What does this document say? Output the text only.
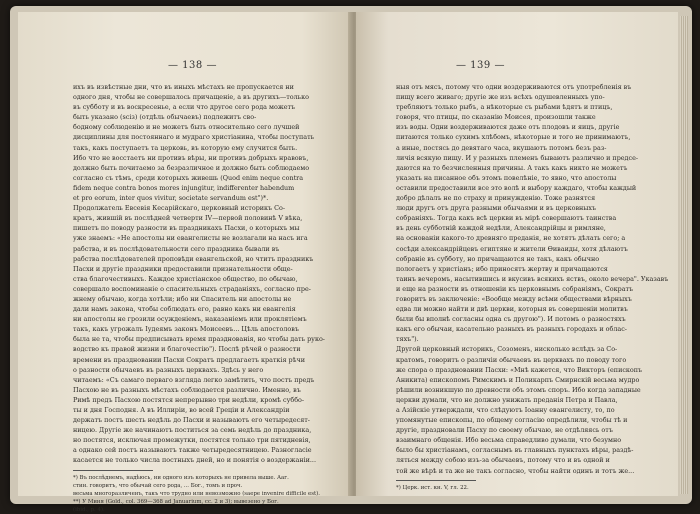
— 138 —
ихъ въ извѣстные дни, что въ иныхъ мѣстахъ не пропускается ни
одного дня, чтобы не совершалось причащеніе, а въ другихъ—только
въ субботу и въ воскресенье, а если что другое сего рода можетъ
быть указано (ѕсіз) (отдѣль обычаевъ) подлежитъ сво-
бодному соблюденію и не можетъ быть относительно сего лучшей
дисциплины для постояннаго и мудраго христіанина, чтобы поступать
такъ, какъ поступаетъ та церковь, въ которую ему случится быть.
Ибо что не восстаетъ ни противъ вѣры, ни противъ добрыхъ нравовъ,
должно быть почитаемо за безразличное и должно быть соблюдаемо
согласно съ тѣмъ, среди которыхъ живешь (Quod enim neque contra
fidem neque contra bonos mores injungitur, indifferenter habendum
et pro eorum, inter quos vivitur, societate servandum est")*.
Продолжатель Евсевія Кесарійскаго, церковный историкъ Со-
кратъ, жившій въ послѣдней четверти IV—первой половинѣ V вѣка,
пишетъ по поводу разности въ праздникахъ Пасхи, о которыхъ мы
уже знаемъ: «Не апостолы ни евангелисты не возлагали на насъ ига
рабства, и въ послѣдовательности сего праздника бывали въ
рабства послѣдователей проповѣди евангельской, но чтитъ праздникъ
Пасхи и другіе праздники предоставили признательности обще-
ства благочестивыхъ. Каждое христіанское общество, по обычаю,
совершало воспоминаніе о спасительныхъ страданіяхъ, согласно пре-
жнему обычаю, когда хотѣли; ибо ни Спаситель ни апостолы не
дали намъ закона, чтобы соблюдать его, равно какъ ни евангелія
ни апостолы не грозили осужденіемъ, наказаніемъ или проклятіемъ
такъ, какъ угрожалъ Іудеямъ законъ Моисеевъ... Цѣль апостоловъ
была не та, чтобы предписывать время празднованія, но чтобы дать руко-
водство къ правой жизни и благочестію"). Послѣ рѣчей о разности
времени въ праздновании Пасхи Сократъ предлагаетъ краткія рѣчи
о разности обычаевъ въ разныхъ церквахъ. Здѣсь у него
читаемъ: «Съ самаго перваго взгляда легко замѣтить, что постъ предъ
Пасхою не въ разныхъ мѣстахъ соблюдается различно. Именно, въ
Римѣ предъ Пасхою постятся непрерывно три недѣли, кромѣ суббо-
ты и дня Господня. А въ Иллиріи, во всей Греціи и Александріи
держатъ постъ шесть недѣль до Пасхи и называютъ его четыредесят-
ницею. Другіе же начинаютъ поститься за семь недѣль до праздника,
но постятся, исключая промежутки, постятся только три пятидневія,
а однако сей постъ называютъ также четыредесятницею. Разногласіе
касается не только числа постныхъ дней, но и понятія о воздержаніи...
*) Въ послѣднемъ, надѣюсь, ни одного изъ которыхъ не привела выше. Ааг.
стин. говоритъ, что обычай сего рода, ... Бог., томъ и проч.
весьма многоразличенъ, такъ что трудно или невозможно (saepe invenire difficile est).
**) У Миня (Gold., col. 369—368 ad Januarium, сс. 2 и 3); вывезено у Бог.
(ibid., p. 4).
— 139 —
ныя отъ мясъ, потому что одни воздерживаются отъ употребленія въ
пищу всего живаго; другіе же изъ всѣхъ одушевленныхъ упо-
требляютъ только рыбъ, а нѣкоторые съ рыбами ѣдятъ и птицъ,
говоря, что птицы, по сказанію Моисея, произошли также
изъ воды. Одни воздерживаются даже отъ плодовъ и яицъ, другіе
питаются только сухимъ хлѣбомъ, нѣкоторые и того не принимаютъ,
а иные, постясь до девятаго часа, вкушаютъ потомъ безъ раз-
личія всякую пищу. И у разныхъ племенъ бываютъ различно и предсе-
даются на то безчисленныя причины. А такъ какъ никто не можетъ
указать на писанное объ этомъ повелѣніе, то явно, что апостолы
оставили предоставили все это волѣ и выбору каждаго, чтобы каждый
добро дѣлалъ не по страху и принужденію. Тоже разнятся
люди другъ отъ друга разными обычаями и въ церковныхъ
собраніяхъ. Тогда какъ всѣ церкви въ мірѣ совершаютъ таинства
въ день субботній каждой недѣли, Александрійцы и римляне,
на основаніи какого-то древняго преданія, не хотятъ дѣлать сего; а
сосѣди александрійцевъ египтяне и жители Ѳиваиды, хотя дѣлаютъ
собраніе въ субботу, но причащаются не такъ, какъ обычно
пологаетъ у христіанъ; ибо приносятъ жертву и причащаются
таинъ вечеромъ, насытившись и вкусивъ всякихъ яствъ, около вечера". Указавъ
и еще на разности въ отношеніи къ церковнымъ собраніямъ, Сократъ
говоритъ въ заключеніе: «Вообще между всѣми обществами вѣрныхъ
едва ли можно найти и двѣ церкви, которыя въ совершеніи молитвъ
были бы вполнѣ согласны одна съ другою"). И потомъ о разностяхъ
какъ его обычаи, касательно разныхъ въ разныхъ городахъ и облас-
тяхъ").
Другой церковный историкъ, Созоменъ, нисколько вслѣдъ за Со-
кратомъ, говоритъ о различіи обычаевъ въ церквахъ по поводу того
же спора о праздновании Пасхи: «Мнѣ кажется, что Викторъ (епископъ
Аникита) епископомъ Римскимъ и Поликарпъ Смирнскій весьма мудро
рѣшили возникшую по древности объ этомъ споръ. Ибо когда западные
церкви думали, что не должно унижать преданія Петра и Павла,
а Азійскіе утверждали, что слѣдуютъ Іоанну евангелисту, то, по
упомянутые епископы, по общему согласію опредѣлили, чтобы тѣ и
другіе, праздновали Пасху по своему обычаю, не отдѣляясь отъ
взаимнаго общенія. Ибо весьма справедливо думали, что безумно
было бы христіанамъ, согласнымъ въ главныхъ пунктахъ вѣры, раздѣ-
ляться между собою изъ-за обычаевъ, потому что и въ одной и
той же вѣрѣ и та же не такъ согласно, чтобы найти одинъ и тотъ же...
*) Церк. ист. кн. V, гл. 22.
